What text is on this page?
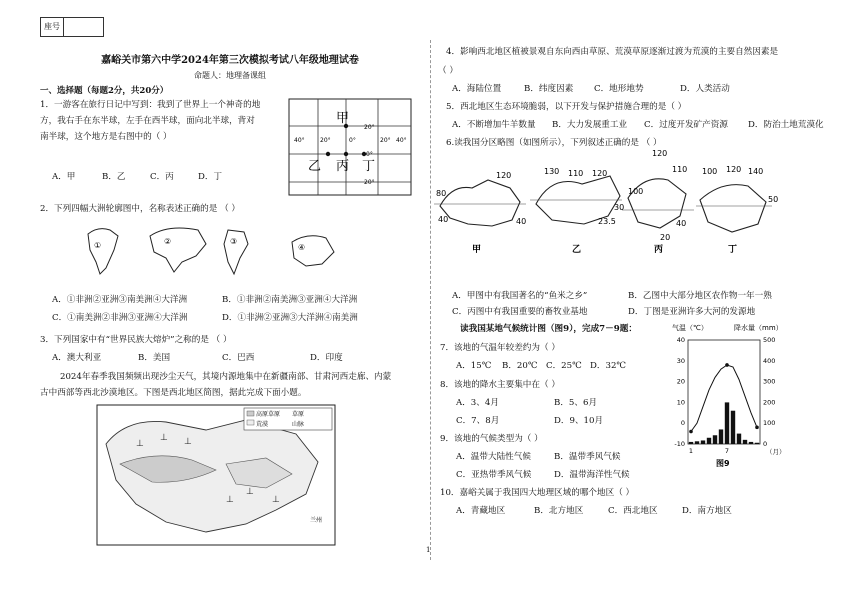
座号
嘉峪关市第六中学2024年第三次模拟考试八年级地理试卷
命题人：地理备课组
一、选择题（每题2分，共20分）
1．一游客在旅行日记中写到：我到了世界上一个神奇的地
方，我右手在东半球，左手在西半球，面向北半球，背对
南半球，这个地方是右图中的（ ）
A．甲	B．乙	C．丙	D．丁
甲
乙 丙 丁
20°
40°	20°	0°	20° 40°
0°
20°
2．下列四幅大洲轮廓图中，名称表述正确的是 （ ）
①	②	③
④
A．①非洲②亚洲③南美洲④大洋洲	B．①非洲②南美洲③亚洲④大洋洲
C．①南美洲②非洲③亚洲④大洋洲	D．①非洲②亚洲③大洋洲④南美洲
3．下列国家中有“世界民族大熔炉”之称的是 （ ）
A．澳大利亚	B．美国	C．巴西	D．印度
2024年春季我国频频出现沙尘天气，其境内源地集中在新疆南部、甘肃河西走廊、内蒙
古中西部等西北沙漠地区。下图是西北地区简图，据此完成下面小题。
⊥
⊥ ⊥
⊥
⊥
⊥
高原草原 草原
荒漠	山脉
兰州
4．影响西北地区植被景观自东向西由草原、荒漠草原逐渐过渡为荒漠的主要自然因素是
（ ）
A．海陆位置	B．纬度因素 C．地形地势	D．人类活动
5．西北地区生态环境脆弱，以下开发与保护措施合理的是（ ）
A．不断增加牛羊数量 B．大力发展重工业 C．过度开发矿产资源 D．防治土地荒漠化
6.读我国分区略图（如图所示），下列叙述正确的是 （ ）
80
120	130 110 120
100
120
110	140
100 120
40	40
30
40
50
20
23.5
甲	乙	丙	丁
A．甲图中有我国著名的“鱼米之乡”	B．乙图中大部分地区农作物一年一熟
C．丙图中有我国重要的畜牧业基地	D．丁图是亚洲许多大河的发源地
读我国某地气候统计图（图9），完成7－9题：
7．该地的气温年较差约为（ ）
A．15℃ B．20℃ C．25℃ D．32℃
8．该地的降水主要集中在（ ）
A．3、4月	B．5、6月
C．7、8月	D．9、10月
9．该地的气候类型为（ ）
A．温带大陆性气候	B．温带季风气候
C．亚热带季风气候	D．温带海洋性气候
10．嘉峪关属于我国四大地理区域的哪个地区（ ）
A．青藏地区	B．北方地区	C．西北地区	D．南方地区
气温（℃）	降水量（mm）
40	500
30	400
20	300
10	200
0	100
-10	0
1	7	（月）
图9
1
